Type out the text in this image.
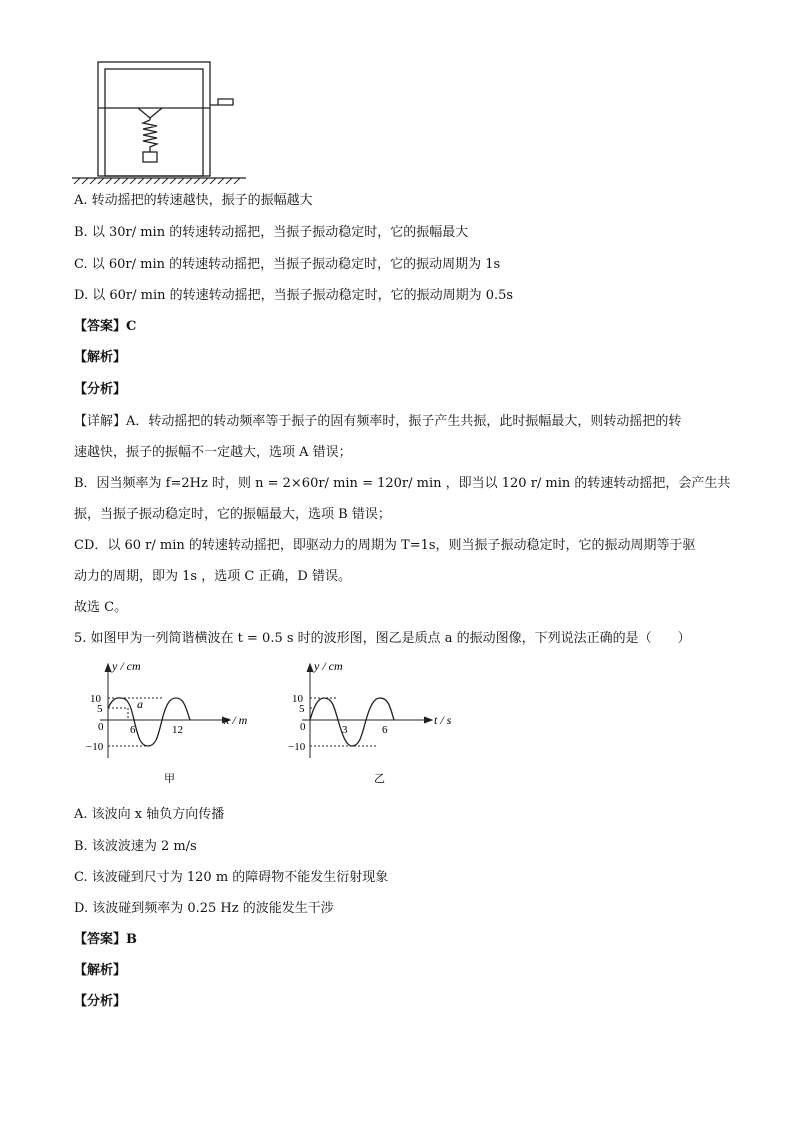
A. 转动摇把的转速越快，振子的振幅越大
B. 以 30r/ min 的转速转动摇把，当振子振动稳定时，它的振幅最大
C. 以 60r/ min 的转速转动摇把，当振子振动稳定时，它的振动周期为 1s
D. 以 60r/ min 的转速转动摇把，当振子振动稳定时，它的振动周期为 0.5s
【答案】C
【解析】
【分析】
【详解】A．转动摇把的转动频率等于振子的固有频率时，振子产生共振，此时振幅最大，则转动摇把的转
速越快，振子的振幅不一定越大，选项 A 错误；
B．因当频率为 f=2Hz 时，则 n = 2×60r/ min = 120r/ min ，即当以 120 r/ min 的转速转动摇把，会产生共
振，当振子振动稳定时，它的振幅最大，选项 B 错误；
CD．以 60 r/ min 的转速转动摇把，即驱动力的周期为 T=1s，则当振子振动稳定时，它的振动周期等于驱
动力的周期，即为 1s ，选项 C 正确，D 错误。
故选 C。
5. 如图甲为一列简谐横波在 t = 0.5 s 时的波形图，图乙是质点 a 的振动图像，下列说法正确的是（　　）
y / cm
x / m
10
5
0
−10
6	12
a
甲
y / cm
t / s
10
5
0
−10
3	6
乙
A. 该波向 x 轴负方向传播
B. 该波波速为 2 m/s
C. 该波碰到尺寸为 120 m 的障碍物不能发生衍射现象
D. 该波碰到频率为 0.25 Hz 的波能发生干涉
【答案】B
【解析】
【分析】
